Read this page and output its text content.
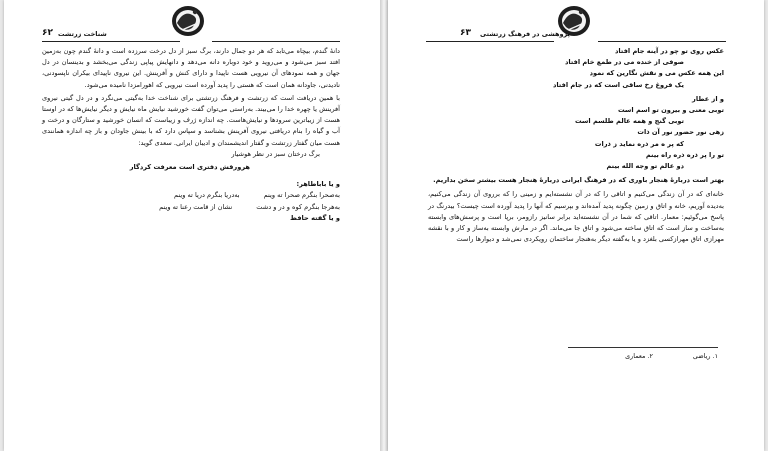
۶۲ شناخت زرتشت

دانهٔ گندم، بیچاه می‌تابد که هر دو جمال دارند، برگ سبز از دل درخت سرزده است و دانهٔ گندم چون به‌زمین افتد سبز می‌شود و می‌روید و خود دوباره دانه می‌دهد و دانهایش پیاپی زندگی می‌بخشد و بدینسان در دل جهان و همه نمودهای آن نیرویی هست ناپیدا و دارای کنش و آفرینش. این نیروی ناپیدای بیکران ناپسودنی، نادیدنی، جاودانه همان است که هستی را پدید آورده است نیرویی که اهورامزدا نامیده می‌شود.

با همین دریافت است که زرتشت و فرهنگ زرتشتی برای شناخت خدا به‌گیتی می‌نگرد و در دل گیتی نیروی آفرینش یا چهره خدا را می‌بیند. به‌راستی می‌توان گفت خورشید نیایش ماه نیایش و دیگر نیایش‌ها که در اوستا هست از زیباترین سرودها و نیایش‌هاست. چه اندازه ژرف و زیباست که انسان خورشید و ستارگان و درخت و آب و گیاه را بنام دریافتی نیروی آفرینش بشناسد و سپاس دارد که با بینش جاودان و باز چه اندازه همانندی هست میان گفتار زرتشت و گفتار اندیشمندان و ادیبان ایرانی. سعدی گوید:

برگ درختان سبز در نظر هوشیار

هرورقش دفتری است معرفت کردگار

و یا باباطاهر:

به‌صحرا بنگرم صحرا ته وینم
به‌دریا بنگرم دریا ته وینم
به‌هرجا بنگرم کوه و در و دشت
نشان از قامت رعنا ته وینم

و یا گفته حافظ

پژوهشی در فرهنگ زرتشتی
۶۳

عکس روی تو چو در آینه جام افتاد

صوفی از خنده می در طمع خام افتاد

این همه عکس می و نقش نگارین که نمود

یک فروغ رخ ساقی است که در جام افتاد

و از عطار

توبی معنی و بیرون تو اسم است

توبی گنج و همه عالم طلسم است

زهی نور حضور نور آن ذات

که پر ه مر ذره نماید ز ذرات

تو را پر ذره ذره راه بینم

دو عالم تو وجه الله بینم

بهتر است دربارهٔ هنجار باوری که در فرهنگ ایرانی دربارهٔ هنجار هست بیشتر سخن بداریم.

خانه‌ای که در آن زندگی می‌کنیم و اتاقی را که در آن نشسته‌ایم و زمینی را که برروی آن زندگی می‌کنیم، به‌دیده آوریم، خانه و اتاق و زمین چگونه پدید آمده‌اند و بپرسیم که آنها را پدید آورده است چیست؟ بیدرنگ در پاسخ می‌گوئیم: معمار. اتاقی که شما در آن نشسته‌اید برابر سانیز رازومر، برپا است و پرسش‌های وابسته به‌ساخت و ساز است که اتاق ساخته می‌شود و اتاق جا می‌ماند. اگر در مارش وابسته به‌ساز و کار و با نقشه مهرازی اتاق مهرازکسی بلغزد و یا به‌گفته دیگر به‌هنجار ساختمان رویکردی نمی‌شد و دیوارها راست

۱. ریاضی
۲. معماری
